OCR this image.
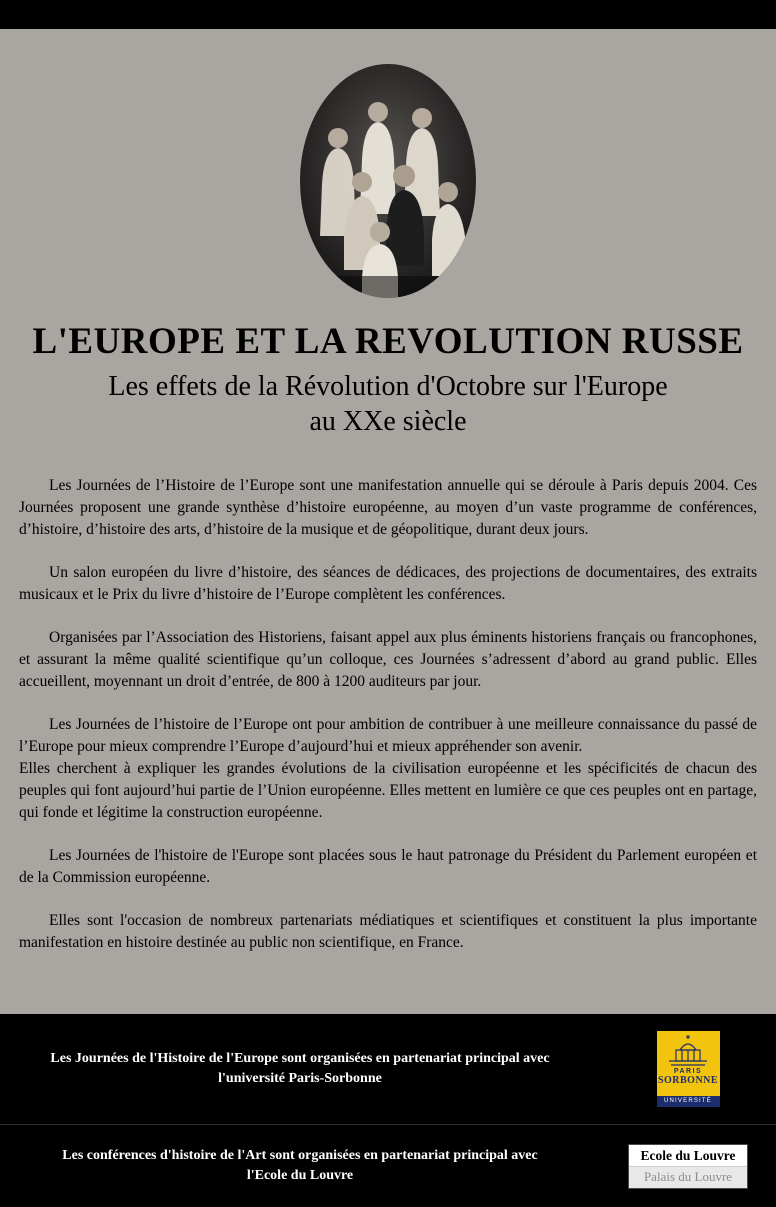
L'EUROPE ET LA REVOLUTION RUSSE
Les effets de la Révolution d'Octobre sur l'Europe
au XXe siècle

Les Journées de l’Histoire de l’Europe sont une manifestation annuelle qui se déroule à Paris depuis 2004. Ces Journées proposent une grande synthèse d’histoire européenne, au moyen d’un vaste programme de conférences, d’histoire, d’histoire des arts, d’histoire de la musique et de géopolitique, durant deux jours.

Un salon européen du livre d’histoire, des séances de dédicaces, des projections de documentaires, des extraits musicaux et le Prix du livre d’histoire de l’Europe complètent les conférences.

Organisées par l’Association des Historiens, faisant appel aux plus éminents historiens français ou francophones, et assurant la même qualité scientifique qu’un colloque, ces Journées s’adressent d’abord au grand public. Elles accueillent, moyennant un droit d’entrée, de 800 à 1200 auditeurs par jour.

Les Journées de l’histoire de l’Europe ont pour ambition de contribuer à une meilleure connaissance du passé de l’Europe pour mieux comprendre l’Europe d’aujourd’hui et mieux appréhender son avenir.

Elles cherchent à expliquer les grandes évolutions de la civilisation européenne et les spécificités de chacun des peuples qui font aujourd’hui partie de l’Union européenne. Elles mettent en lumière ce que ces peuples ont en partage, qui fonde et légitime la construction européenne.

Les Journées de l'histoire de l'Europe sont placées sous le haut patronage du Président du Parlement européen et de la Commission européenne.

Elles sont l'occasion de nombreux partenariats médiatiques et scientifiques et constituent la plus importante manifestation en histoire destinée au public non scientifique, en France.

Les Journées de l'Histoire de l'Europe sont organisées en partenariat principal avec
l'université Paris-Sorbonne	PARIS
SORBONNE
UNIVERSITÉ
Les conférences d'histoire de l'Art sont organisées en partenariat principal avec
l'Ecole du Louvre
Ecole du Louvre
Palais du Louvre
